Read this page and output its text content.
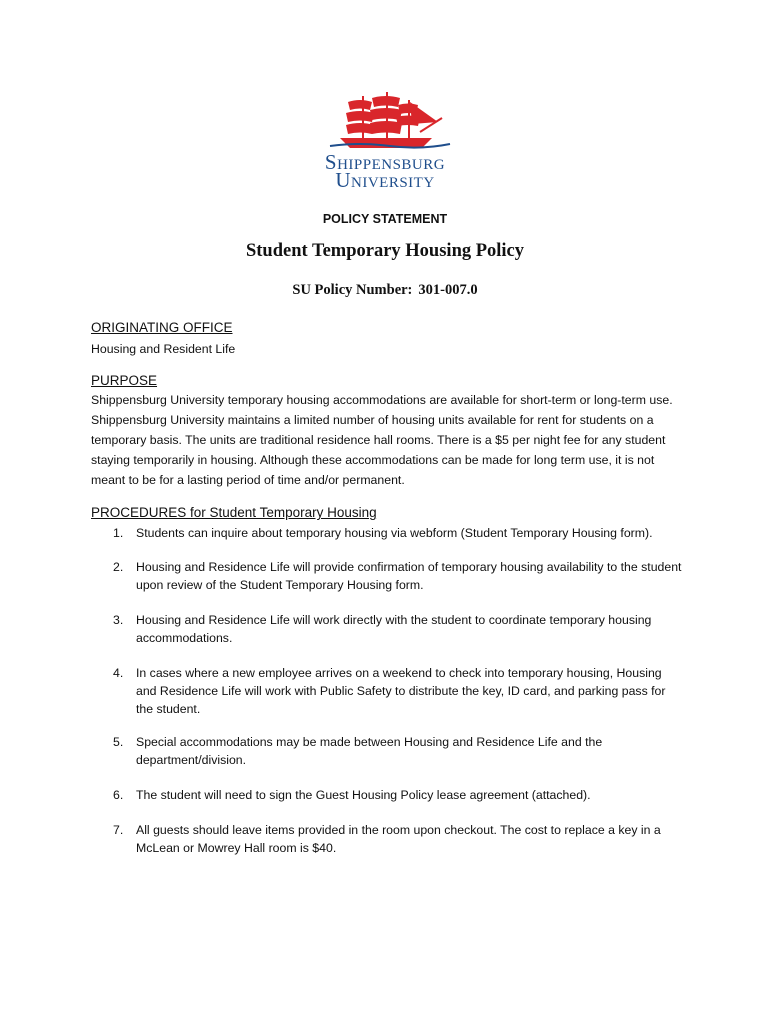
Shippensburg
University
POLICY STATEMENT
Student Temporary Housing Policy
SU Policy Number: 301-007.0
ORIGINATING OFFICE
Housing and Resident Life
PURPOSE
Shippensburg University temporary housing accommodations are available for short-term or long-term use. Shippensburg University maintains a limited number of housing units available for rent for students on a temporary basis. The units are traditional residence hall rooms. There is a $5 per night fee for any student staying temporarily in housing. Although these accommodations can be made for long term use, it is not meant to be for a lasting period of time and/or permanent.
PROCEDURES for Student Temporary Housing
1.	Students can inquire about temporary housing via webform (Student Temporary Housing form).
2.	Housing and Residence Life will provide confirmation of temporary housing availability to the student upon review of the Student Temporary Housing form.
3.	Housing and Residence Life will work directly with the student to coordinate temporary housing accommodations.
4.	In cases where a new employee arrives on a weekend to check into temporary housing, Housing and Residence Life will work with Public Safety to distribute the key, ID card, and parking pass for the student.
5.	Special accommodations may be made between Housing and Residence Life and the department/division.
6.	The student will need to sign the Guest Housing Policy lease agreement (attached).
7.	All guests should leave items provided in the room upon checkout. The cost to replace a key in a McLean or Mowrey Hall room is $40.
